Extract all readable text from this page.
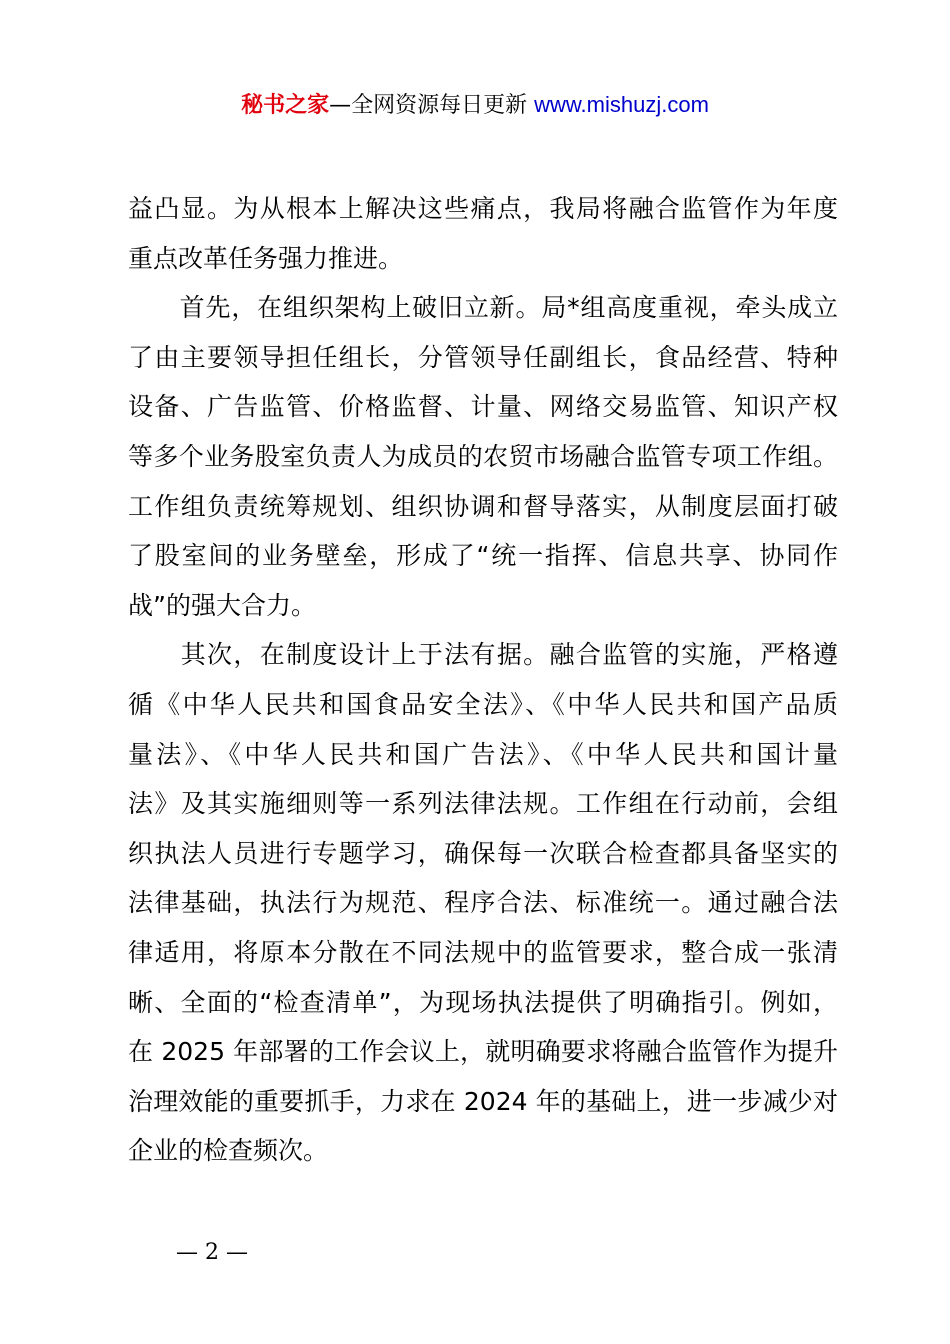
秘书之家—全网资源每日更新 www.mishuzj.com

益凸显。为从根本上解决这些痛点，我局将融合监管作为年度
重点改革任务强力推进。

　　首先，在组织架构上破旧立新。局*组高度重视，牵头成立
了由主要领导担任组长，分管领导任副组长，食品经营、特种
设备、广告监管、价格监督、计量、网络交易监管、知识产权
等多个业务股室负责人为成员的农贸市场融合监管专项工作组。
工作组负责统筹规划、组织协调和督导落实，从制度层面打破
了股室间的业务壁垒，形成了“统一指挥、信息共享、协同作
战”的强大合力。

　　其次，在制度设计上于法有据。融合监管的实施，严格遵
循《中华人民共和国食品安全法》、《中华人民共和国产品质
量法》、《中华人民共和国广告法》、《中华人民共和国计量
法》及其实施细则等一系列法律法规。工作组在行动前，会组
织执法人员进行专题学习，确保每一次联合检查都具备坚实的
法律基础，执法行为规范、程序合法、标准统一。通过融合法
律适用，将原本分散在不同法规中的监管要求，整合成一张清
晰、全面的“检查清单”，为现场执法提供了明确指引。例如，
在 2025 年部署的工作会议上，就明确要求将融合监管作为提升
治理效能的重要抓手，力求在 2024 年的基础上，进一步减少对
企业的检查频次。

— 2 —
